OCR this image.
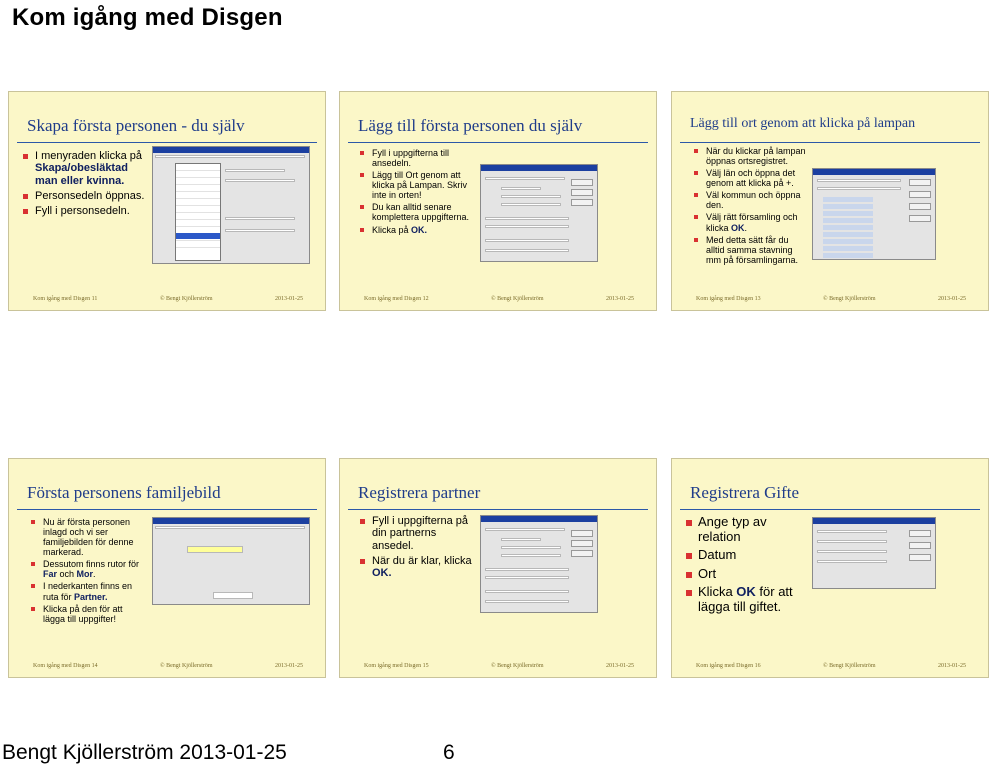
Kom igång med Disgen
Skapa första personen - du själv
I menyraden klicka på Skapa/obesläktad man eller kvinna.
Personsedeln öppnas.
Fyll i personsedeln.
Kom igång med Disgen 11	© Bengt Kjöllerström	2013-01-25
Lägg till första personen du själv
Fyll i uppgifterna till ansedeln.
Lägg till Ort genom att klicka på Lampan. Skriv inte in orten!
Du kan alltid senare komplettera uppgifterna.
Klicka på OK.
Kom igång med Disgen 12	© Bengt Kjöllerström	2013-01-25
Lägg till ort genom att klicka på lampan
När du klickar på lampan öppnas ortsregistret.
Välj län och öppna det genom att klicka på +.
Väl kommun och öppna den.
Välj rätt församling och klicka OK.
Med detta sätt får du alltid samma stavning mm på församlingarna.
Kom igång med Disgen 13	© Bengt Kjöllerström	2013-01-25
Första personens familjebild
Nu är första personen inlagd och vi ser familjebilden för denne markerad.
Dessutom finns rutor för Far och Mor.
I nederkanten finns en ruta för Partner.
Klicka på den för att lägga till uppgifter!
Kom igång med Disgen 14	© Bengt Kjöllerström	2013-01-25
Registrera partner
Fyll i uppgifterna på din partnerns ansedel.
När du är klar, klicka OK.
Kom igång med Disgen 15	© Bengt Kjöllerström	2013-01-25
Registrera Gifte
Ange typ av relation
Datum
Ort
Klicka OK för att lägga till giftet.
Kom igång med Disgen 16	© Bengt Kjöllerström	2013-01-25
Bengt Kjöllerström 2013-01-25	6
